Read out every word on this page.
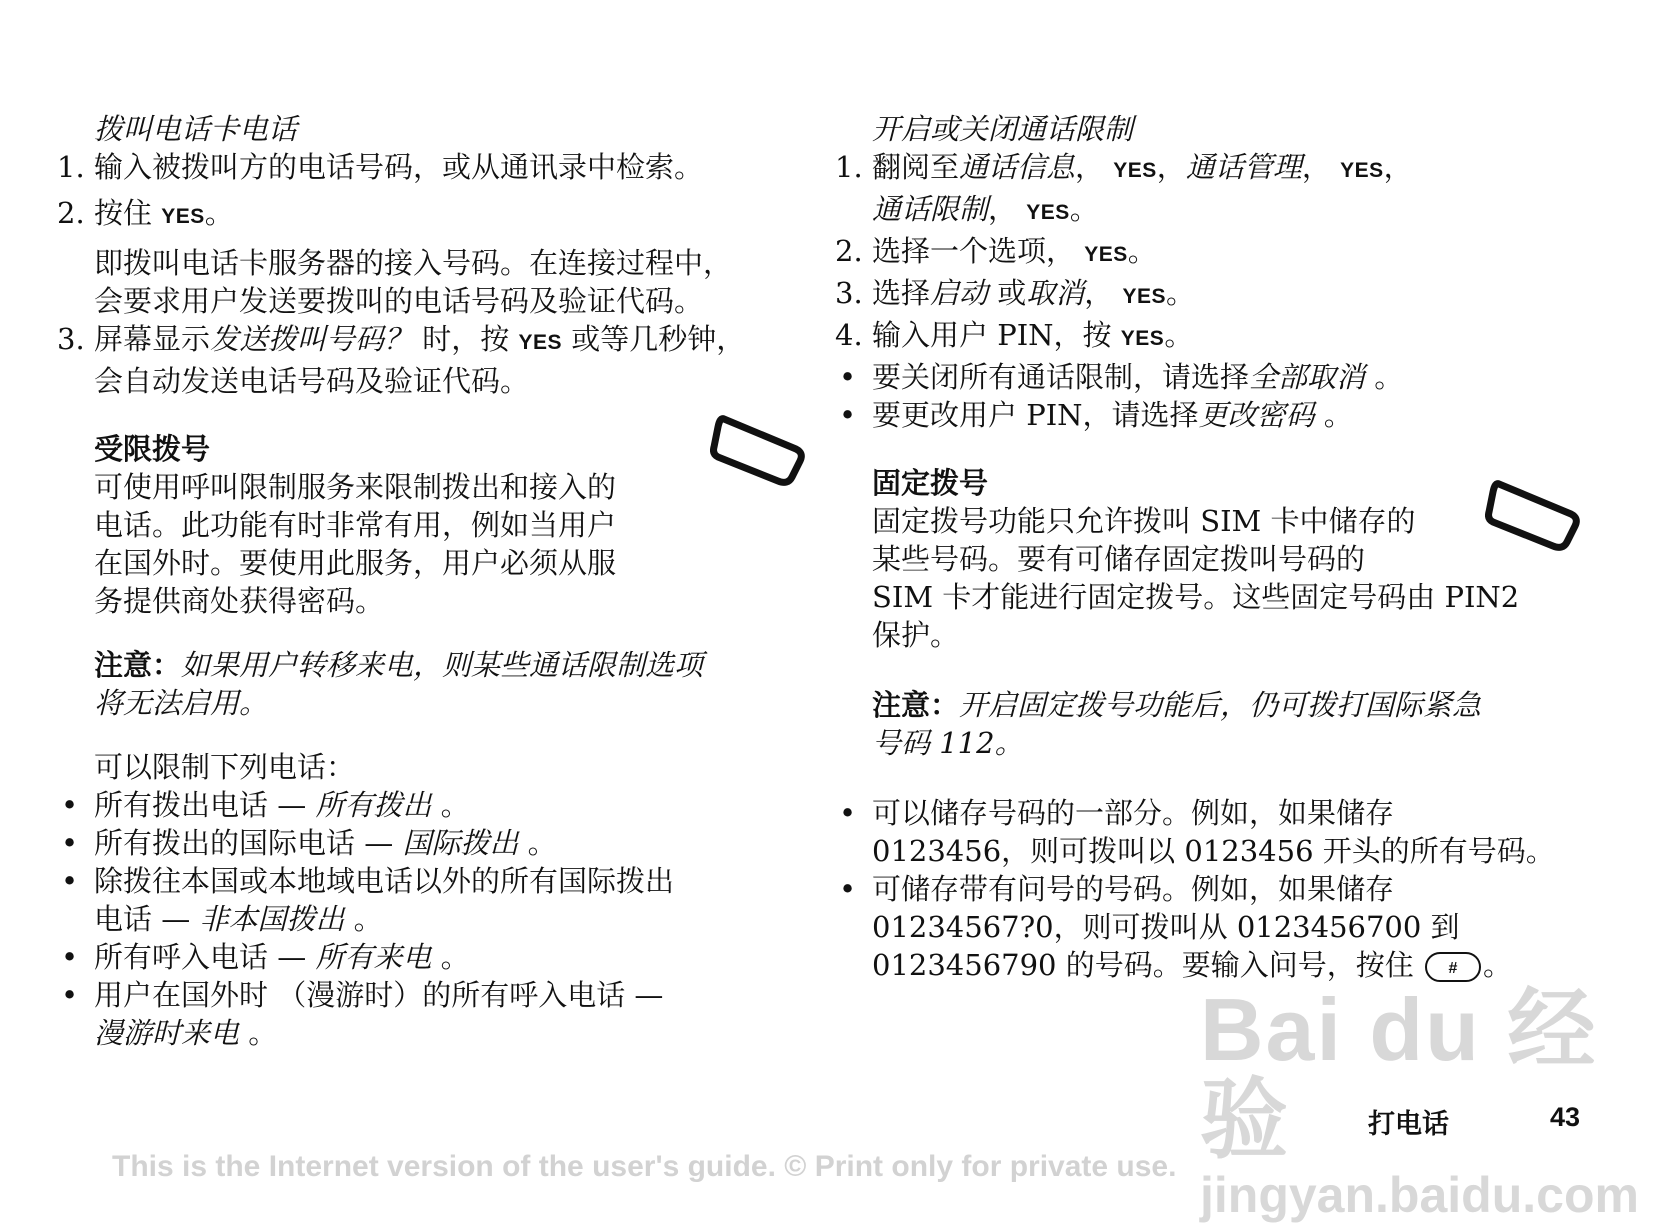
拨叫电话卡电话
1. 输入被拨叫方的电话号码，或从通讯录中检索。
2. 按住 YES。
即拨叫电话卡服务器的接入号码。在连接过程中，
会要求用户发送要拨叫的电话号码及验证代码。
3. 屏幕显示发送拨叫号码？ 时，按 YES 或等几秒钟，
会自动发送电话号码及验证代码。
受限拨号
可使用呼叫限制服务来限制拨出和接入的
电话。此功能有时非常有用，例如当用户
在国外时。要使用此服务，用户必须从服
务提供商处获得密码。
注意：如果用户转移来电，则某些通话限制选项
将无法启用。
可以限制下列电话：
• 所有拨出电话 — 所有拨出 。
• 所有拨出的国际电话 — 国际拨出 。
• 除拨往本国或本地域电话以外的所有国际拨出
电话 — 非本国拨出 。
• 所有呼入电话 — 所有来电 。
• 用户在国外时 （漫游时）的所有呼入电话 —
漫游时来电 。
开启或关闭通话限制
1. 翻阅至通话信息， YES，通话管理， YES，
通话限制， YES。
2. 选择一个选项， YES。
3. 选择启动 或取消， YES。
4. 输入用户 PIN，按 YES。
• 要关闭所有通话限制，请选择全部取消 。
• 要更改用户 PIN，请选择更改密码 。
固定拨号
固定拨号功能只允许拨叫 SIM 卡中储存的
某些号码。要有可储存固定拨叫号码的
SIM 卡才能进行固定拨号。这些固定号码由 PIN2
保护。
注意：开启固定拨号功能后，仍可拨打国际紧急
号码 112。
• 可以储存号码的一部分。例如，如果储存
0123456，则可拨叫以 0123456 开头的所有号码。
• 可储存带有问号的号码。例如，如果储存
01234567?0，则可拨叫从 0123456700 到
0123456790 的号码。要输入问号，按住 # 。
Bai du 经验
jingyan.baidu.com
打电话	43
This is the Internet version of the user's guide. © Print only for private use.
